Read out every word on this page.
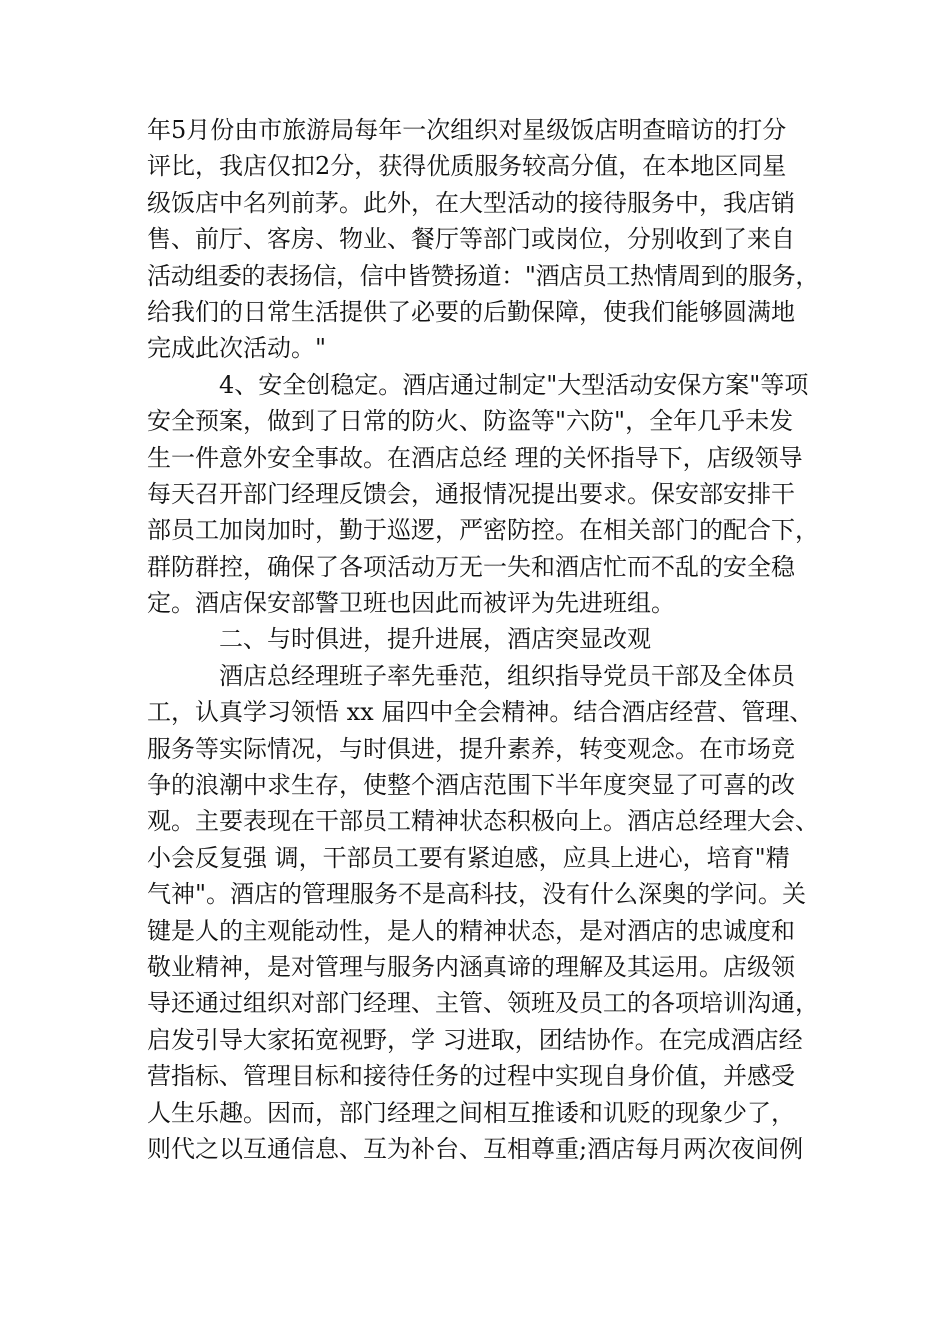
年5月份由市旅游局每年一次组织对星级饭店明查暗访的打分
评比，我店仅扣2分，获得优质服务较高分值，在本地区同星
级饭店中名列前茅。此外，在大型活动的接待服务中，我店销
售、前厅、客房、物业、餐厅等部门或岗位，分别收到了来自
活动组委的表扬信，信中皆赞扬道："酒店员工热情周到的服务，
给我们的日常生活提供了必要的后勤保障，使我们能够圆满地
完成此次活动。"
4、安全创稳定。酒店通过制定"大型活动安保方案"等项
安全预案，做到了日常的防火、防盗等"六防"，全年几乎未发
生一件意外安全事故。在酒店总经 理的关怀指导下，店级领导
每天召开部门经理反馈会，通报情况提出要求。保安部安排干
部员工加岗加时，勤于巡逻，严密防控。在相关部门的配合下，
群防群控，确保了各项活动万无一失和酒店忙而不乱的安全稳
定。酒店保安部警卫班也因此而被评为先进班组。
二、与时俱进，提升进展，酒店突显改观
酒店总经理班子率先垂范，组织指导党员干部及全体员
工，认真学习领悟 xx 届四中全会精神。结合酒店经营、管理、
服务等实际情况，与时俱进，提升素养，转变观念。在市场竞
争的浪潮中求生存，使整个酒店范围下半年度突显了可喜的改
观。主要表现在干部员工精神状态积极向上。酒店总经理大会、
小会反复强 调，干部员工要有紧迫感，应具上进心，培育"精
气神"。酒店的管理服务不是高科技，没有什么深奥的学问。关
键是人的主观能动性，是人的精神状态，是对酒店的忠诚度和
敬业精神，是对管理与服务内涵真谛的理解及其运用。店级领
导还通过组织对部门经理、主管、领班及员工的各项培训沟通，
启发引导大家拓宽视野，学 习进取，团结协作。在完成酒店经
营指标、管理目标和接待任务的过程中实现自身价值，并感受
人生乐趣。因而，部门经理之间相互推诿和讥贬的现象少了，
则代之以互通信息、互为补台、互相尊重;酒店每月两次夜间例
